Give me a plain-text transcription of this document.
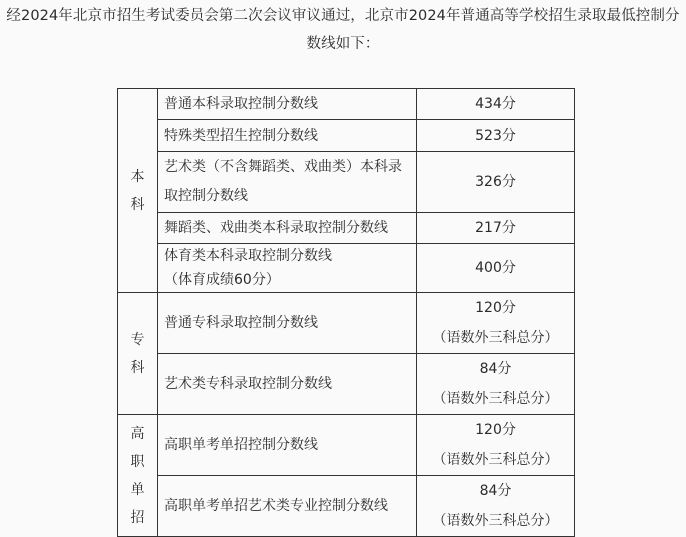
经2024年北京市招生考试委员会第二次会议审议通过，北京市2024年普通高等学校招生录取最低控制分
数线如下：
本
科	普通本科录取控制分数线	434分
	特殊类型招生控制分数线	523分
	艺术类（不含舞蹈类、戏曲类）本科录取控制分数线	326分
	舞蹈类、戏曲类本科录取控制分数线	217分

	体育类本科录取控制分数线
（体育成绩60分）	400分

专
科	普通专科录取控制分数线	120分
（语数外三科总分）

	艺术类专科录取控制分数线	84分
（语数外三科总分）

高
职
单
招	高职单考单招控制分数线	120分
（语数外三科总分）

	高职单考单招艺术类专业控制分数线	84分
（语数外三科总分）
